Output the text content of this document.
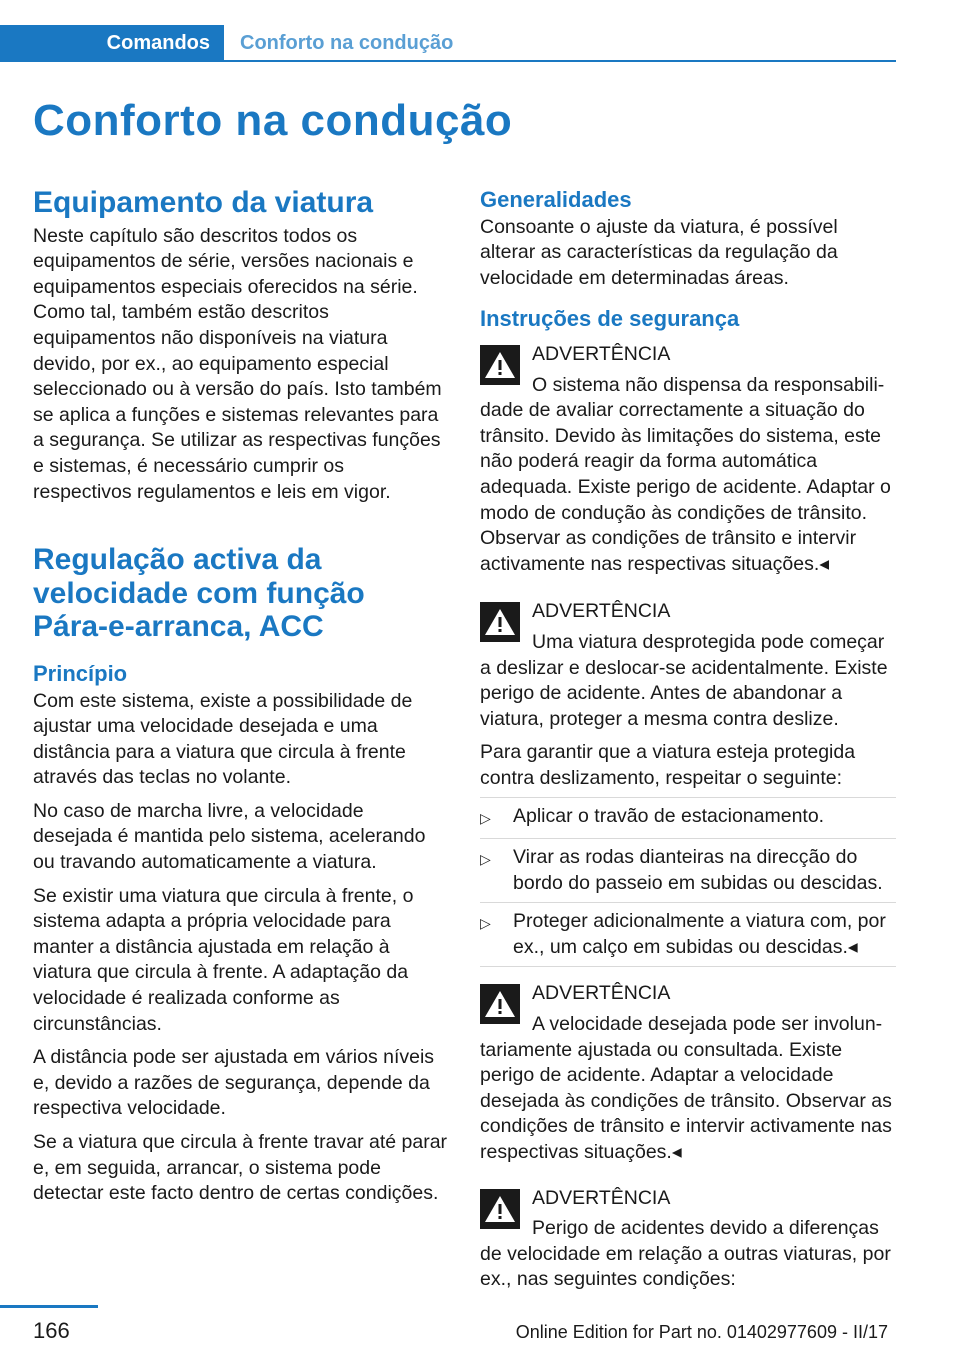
Comandos	Conforto na condução
Conforto na condução
Equipamento da viatura

Neste capítulo são descritos todos os equipamentos de série, versões nacionais e equipamentos especiais oferecidos na série. Como tal, também estão descritos equipamentos não disponíveis na viatura devido, por ex., ao equipamento especial seleccionado ou à versão do país. Isto também se aplica a funções e sistemas relevantes para a segurança. Se utilizar as respectivas funções e sistemas, é necessário cumprir os respectivos regulamentos e leis em vigor.

Regulação activa da velocidade com função Pára-e-arranca, ACC
Princípio

Com este sistema, existe a possibilidade de ajustar uma velocidade desejada e uma distância para a viatura que circula à frente através das teclas no volante.

No caso de marcha livre, a velocidade desejada é mantida pelo sistema, acelerando ou travando automaticamente a viatura.

Se existir uma viatura que circula à frente, o sistema adapta a própria velocidade para manter a distância ajustada em relação à viatura que circula à frente. A adaptação da velocidade é realizada conforme as circunstâncias.

A distância pode ser ajustada em vários níveis e, devido a razões de segurança, depende da respectiva velocidade.

Se a viatura que circula à frente travar até parar e, em seguida, arrancar, o sistema pode detectar este facto dentro de certas condições.

Generalidades

Consoante o ajuste da viatura, é possível alterar as características da regulação da velocidade em determinadas áreas.

Instruções de segurança

ADVERTÊNCIA

O sistema não dispensa da responsabili-

dade de avaliar correctamente a situação do trânsito. Devido às limitações do sistema, este não poderá reagir da forma automática adequada. Existe perigo de acidente. Adaptar o modo de condução às condições de trânsito. Observar as condições de trânsito e intervir activamente nas respectivas situações.◂

ADVERTÊNCIA

Uma viatura desprotegida pode começar

a deslizar e deslocar-se acidentalmente. Existe perigo de acidente. Antes de abandonar a viatura, proteger a mesma contra deslize.

Para garantir que a viatura esteja protegida contra deslizamento, respeitar o seguinte:

▷	Aplicar o travão de estacionamento.
▷	Virar as rodas dianteiras na direcção do bordo do passeio em subidas ou descidas.
▷	Proteger adicionalmente a viatura com, por ex., um calço em subidas ou descidas.◂

ADVERTÊNCIA

A velocidade desejada pode ser involun-

tariamente ajustada ou consultada. Existe perigo de acidente. Adaptar a velocidade desejada às condições de trânsito. Observar as condições de trânsito e intervir activamente nas respectivas situações.◂

ADVERTÊNCIA

Perigo de acidentes devido a diferenças

de velocidade em relação a outras viaturas, por ex., nas seguintes condições:

166	Online Edition for Part no. 01402977609 - II/17
